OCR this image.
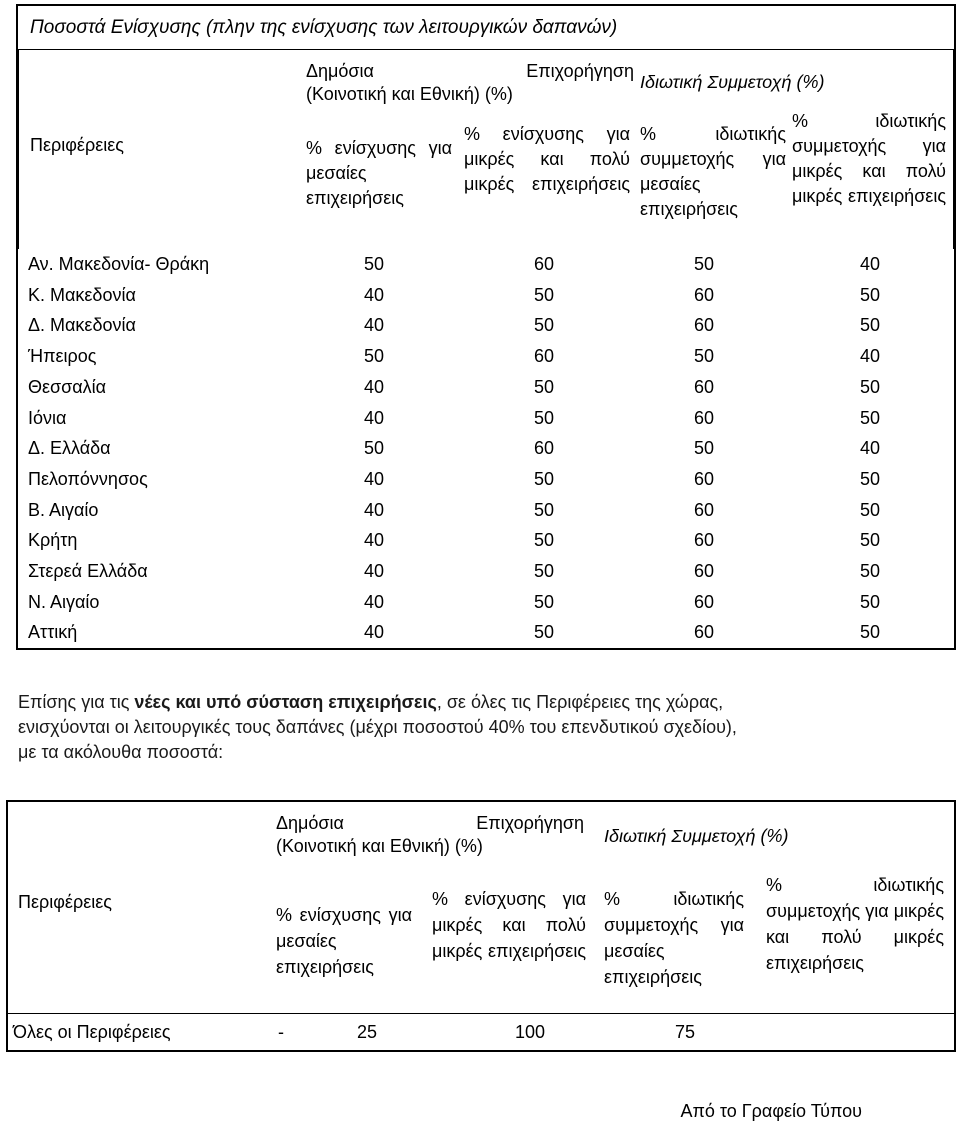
Ποσοστά Ενίσχυσης (πλην της ενίσχυσης των λειτουργικών δαπανών)
Περιφέρειες
Δημόσια Επιχορήγηση
(Κοινοτική και Εθνική) (%)
Ιδιωτική Συμμετοχή (%)
% ενίσχυσης για μεσαίες επιχειρήσεις
% ενίσχυσης για μικρές και πολύ μικρές επιχειρήσεις
% ιδιωτικής συμμετοχής για μεσαίες επιχειρήσεις
% ιδιωτικής συμμετοχής για μικρές και πολύ μικρές επιχειρήσεις
Αν. Μακεδονία- Θράκη	50	60	50	40
Κ. Μακεδονία	40	50	60	50
Δ. Μακεδονία	40	50	60	50
Ήπειρος	50	60	50	40
Θεσσαλία	40	50	60	50
Ιόνια	40	50	60	50
Δ. Ελλάδα	50	60	50	40
Πελοπόννησος	40	50	60	50
Β. Αιγαίο	40	50	60	50
Κρήτη	40	50	60	50
Στερεά Ελλάδα	40	50	60	50
Ν. Αιγαίο	40	50	60	50
Αττική	40	50	60	50
Επίσης για τις νέες και υπό σύσταση επιχειρήσεις, σε όλες τις Περιφέρειες της χώρας,
ενισχύονται οι λειτουργικές τους δαπάνες (μέχρι ποσοστού 40% του επενδυτικού σχεδίου),
με τα ακόλουθα ποσοστά:
Περιφέρειες
Δημόσια Επιχορήγηση
(Κοινοτική και Εθνική) (%)	Ιδιωτική Συμμετοχή (%)
% ενίσχυσης για μεσαίες επιχειρήσεις
% ενίσχυσης για μικρές και πολύ μικρές επιχειρήσεις
% ιδιωτικής συμμετοχής για μεσαίες επιχειρήσεις
% ιδιωτικής συμμετοχής για μικρές και πολύ μικρές επιχειρήσεις
Όλες οι Περιφέρειες	-	25	100	75
Από το Γραφείο Τύπου
